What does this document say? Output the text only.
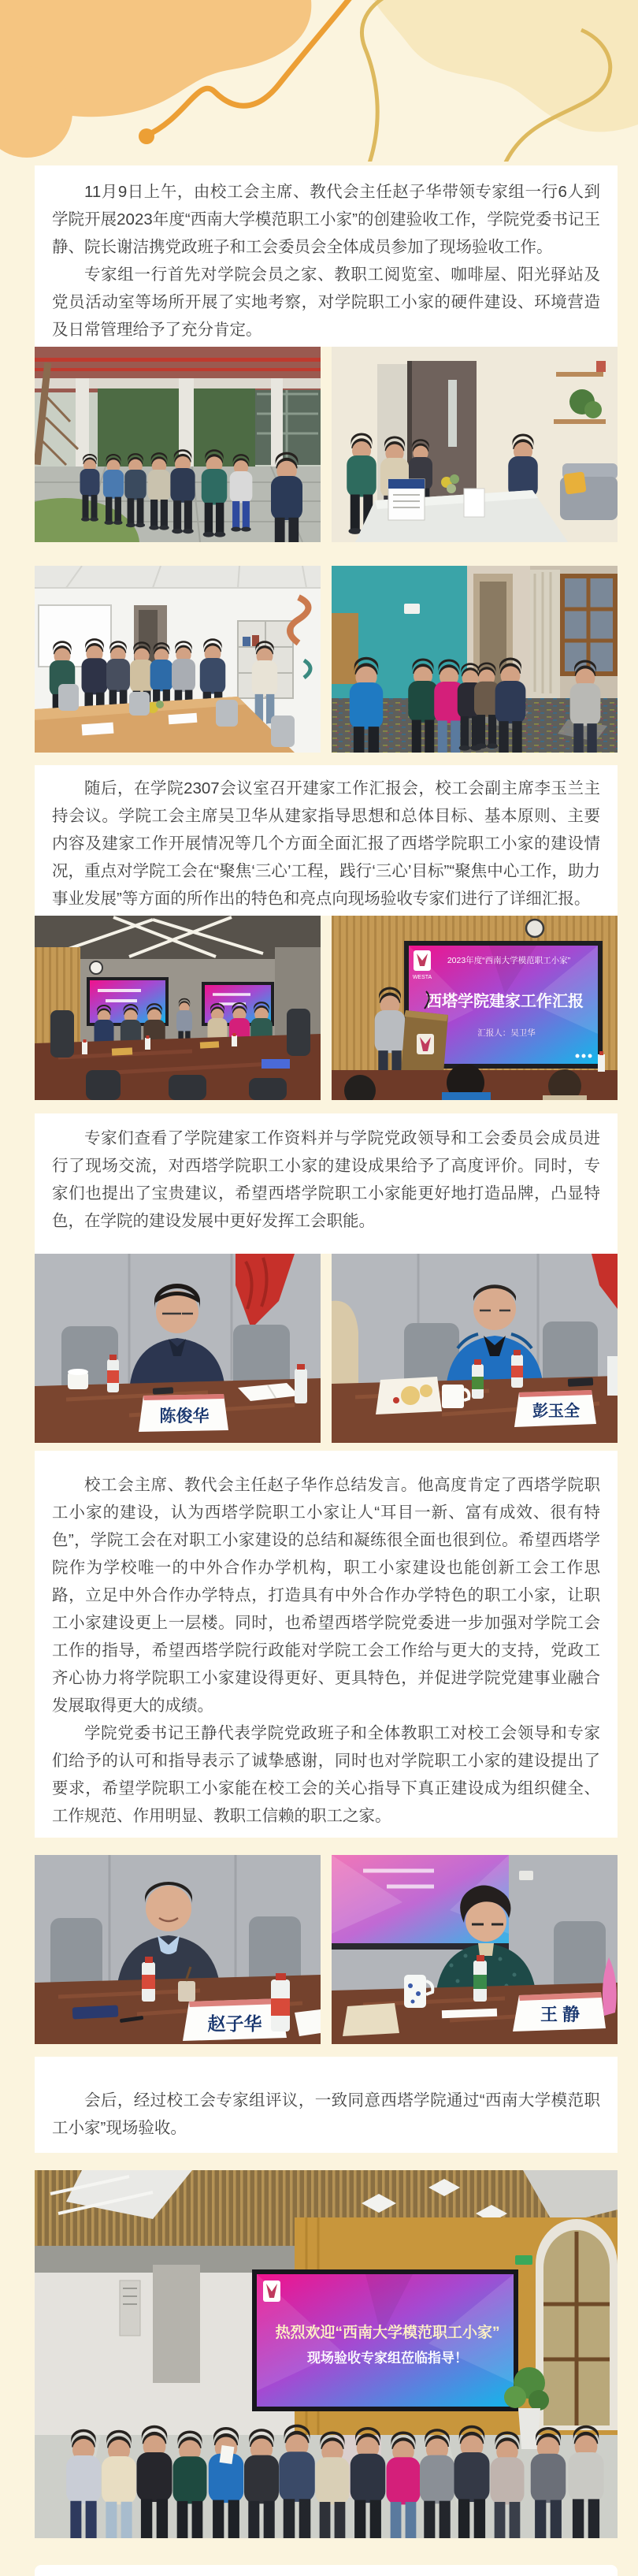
11月9日上午，由校工会主席、教代会主任赵子华带领专家组一行6人到学院开展2023年度“西南大学模范职工小家”的创建验收工作，学院党委书记王静、院长谢洁携党政班子和工会委员会全体成员参加了现场验收工作。

专家组一行首先对学院会员之家、教职工阅览室、咖啡屋、阳光驿站及党员活动室等场所开展了实地考察，对学院职工小家的硬件建设、环境营造及日常管理给予了充分肯定。

随后，在学院2307会议室召开建家工作汇报会，校工会副主席李玉兰主持会议。学院工会主席吴卫华从建家指导思想和总体目标、基本原则、主要内容及建家工作开展情况等几个方面全面汇报了西塔学院职工小家的建设情况，重点对学院工会在“聚焦‘三心’工程，践行‘三心’目标”“聚焦中心工作，助力事业发展”等方面的所作出的特色和亮点向现场验收专家们进行了详细汇报。

WESTA
2023年度“西南大学模范职工小家”
西塔学院建家工作汇报
汇报人：吴卫华

专家们查看了学院建家工作资料并与学院党政领导和工会委员会成员进行了现场交流，对西塔学院职工小家的建设成果给予了高度评价。同时，专家们也提出了宝贵建议，希望西塔学院职工小家能更好地打造品牌，凸显特色，在学院的建设发展中更好发挥工会职能。

陈俊华	彭玉全

校工会主席、教代会主任赵子华作总结发言。他高度肯定了西塔学院职工小家的建设，认为西塔学院职工小家让人“耳目一新、富有成效、很有特色”，学院工会在对职工小家建设的总结和凝练很全面也很到位。希望西塔学院作为学校唯一的中外合作办学机构，职工小家建设也能创新工会工作思路，立足中外合作办学特点，打造具有中外合作办学特色的职工小家，让职工小家建设更上一层楼。同时，也希望西塔学院党委进一步加强对学院工会工作的指导，希望西塔学院行政能对学院工会工作给与更大的支持，党政工齐心协力将学院职工小家建设得更好、更具特色，并促进学院党建事业融合发展取得更大的成绩。

学院党委书记王静代表学院党政班子和全体教职工对校工会领导和专家们给予的认可和指导表示了诚挚感谢，同时也对学院职工小家的建设提出了要求，希望学院职工小家能在校工会的关心指导下真正建设成为组织健全、工作规范、作用明显、教职工信赖的职工之家。

赵子华	王 静

会后，经过校工会专家组评议，一致同意西塔学院通过“西南大学模范职工小家”现场验收。

热烈欢迎“西南大学模范职工小家”
现场验收专家组莅临指导！
